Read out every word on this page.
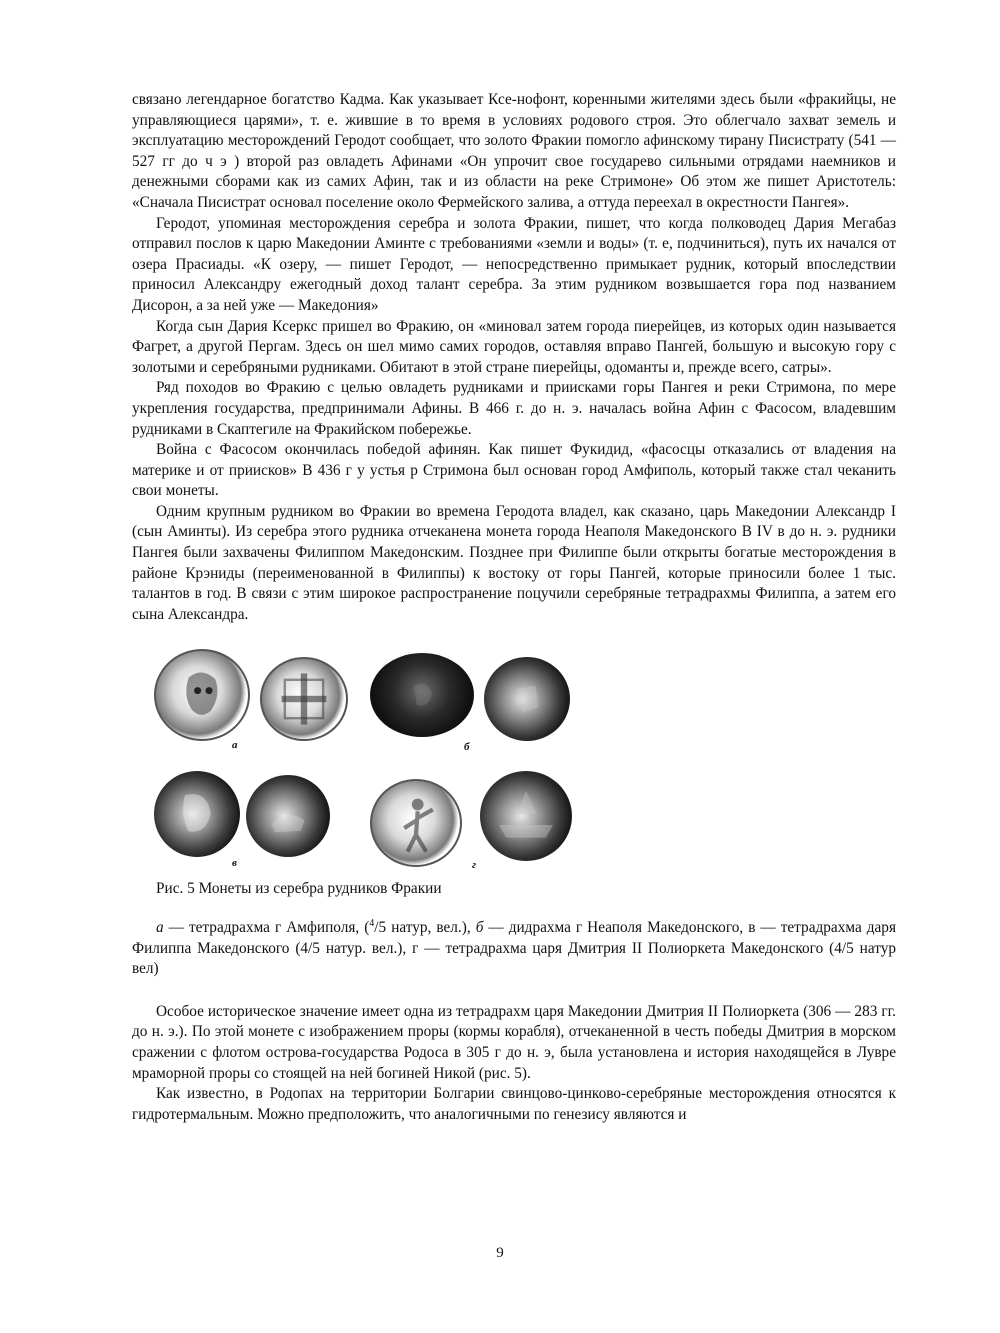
связано легендарное богатство Кадма. Как указывает Ксе-нофонт, коренными жителями здесь были «фракийцы, не управляющиеся царями», т. е. жившие в то время в условиях родового строя. Это облегчало захват земель и эксплуатацию месторождений Геродот сообщает, что золото Фракии помогло афинскому тирану Писистрату (541 — 527 гг до ч э ) второй раз овладеть Афинами «Он упрочит свое государево сильными отрядами наемников и денежными сборами как из самих Афин, так и из области на реке Стримоне» Об этом же пишет Аристотель: «Сначала Писистрат основал поселение около Фермейского залива, а оттуда переехал в окрестности Пангея».

Геродот, упоминая месторождения серебра и золота Фракии, пишет, что когда полководец Дария Мегабаз отправил послов к царю Македонии Аминте с требованиями «земли и воды» (т. е, подчиниться), путь их начался от озера Прасиады. «К озеру, — пишет Геродот, — непосредственно примыкает рудник, который впоследствии приносил Александру ежегодный доход талант серебра. За этим рудником возвышается гора под названием Дисорон, а за ней уже — Македония»

Когда сын Дария Ксеркс пришел во Фракию, он «миновал затем города пиерейцев, из которых один называется Фагрет, а другой Пергам. Здесь он шел мимо самих городов, оставляя вправо Пангей, большую и высокую гору с золотыми и серебряными рудниками. Обитают в этой стране пиерейцы, одоманты и, прежде всего, сатры».

Ряд походов во Фракию с целью овладеть рудниками и приисками горы Пангея и реки Стримона, по мере укрепления государства, предпринимали Афины. В 466 г. до н. э. началась война Афин с Фасосом, владевшим рудниками в Скаптегиле на Фракийском побережье.

Война с Фасосом окончилась победой афинян. Как пишет Фукидид, «фасосцы отказались от владения на материке и от приисков» В 436 г у устья р Стримона был основан город Амфиполь, который также стал чеканить свои монеты.

Одним крупным рудником во Фракии во времена Геродота владел, как сказано, царь Македонии Александр I (сын Аминты). Из серебра этого рудника отчеканена монета города Неаполя Македонского В IV в до н. э. рудники Пангея были захвачены Филиппом Македонским. Позднее при Филиппе были открыты богатые месторождения в районе Крэниды (переименованной в Филиппы) к востоку от горы Пангей, которые приносили более 1 тыс. талантов в год. В связи с этим широкое распространение поцучили серебряные тетрадрахмы Филиппа, а затем его сына Александра.

а	б
в	г

Рис. 5 Монеты из серебра рудников Фракии

а — тетрадрахма г Амфиполя, ($^4$/5 натур, вел.), б — дидрахма г Неаполя Македонского, в — тетрадрахма даря Филиппа Македонского (4/5 натур. вел.), г — тетрадрахма царя Дмитрия II Полиоркета Македонского (4/5 натур вел)

Особое историческое значение имеет одна из тетрадрахм царя Македонии Дмитрия II Полиоркета (306 — 283 гг. до н. э.). По этой монете с изображением проры (кормы корабля), отчеканенной в честь победы Дмитрия в морском сражении с флотом острова-государства Родоса в 305 г до н. э, была установлена и история находящейся в Лувре мраморной проры со стоящей на ней богиней Никой (рис. 5).

Как известно, в Родопах на территории Болгарии свинцово-цинково-серебряные месторождения относятся к гидротермальным. Можно предположить, что аналогичными по генезису являются и

9
